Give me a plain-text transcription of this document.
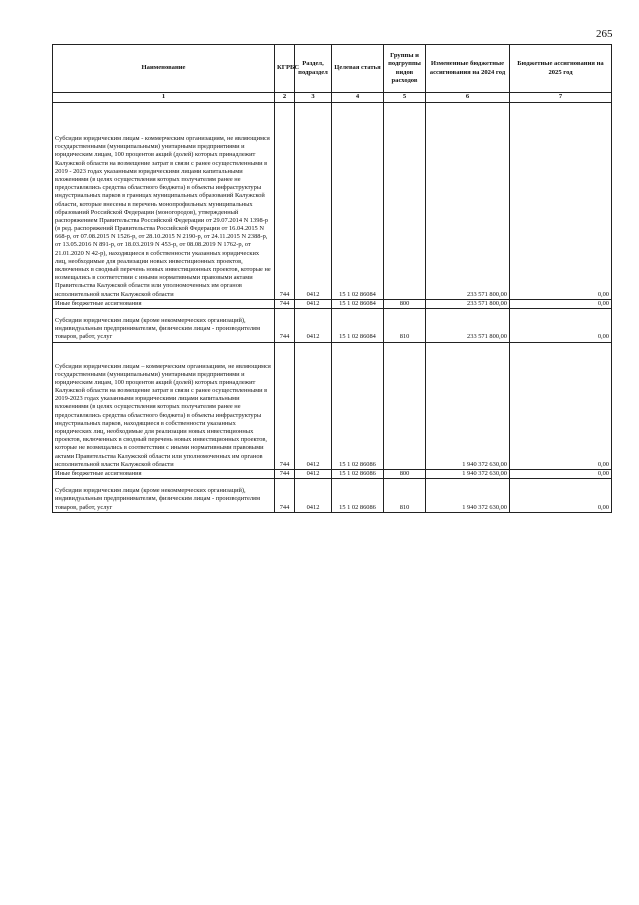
265
Наименование	КГРБС	Раздел, подраздел	Целевая статья	Группы и подгруппы видов расходов	Измененные бюджетные ассигнования на 2024 год	Бюджетные ассигнования на 2025 год
1	2	3	4	5	6	7
Субсидии юридическим лицам - коммерческим организациям, не являющимся государственными (муниципальными) унитарными предприятиями и юридическим лицам, 100 процентов акций (долей) которых принадлежит Калужской области на возмещение затрат в связи с ранее осуществленными в 2019 - 2023 годах указанными юридическими лицами капитальными вложениями (в целях осуществления которых получателям ранее не предоставлялись средства областного бюджета) в объекты инфраструктуры индустриальных парков в границах муниципальных образований Калужской области, которые внесены в перечень монопрофильных муниципальных образований Российской Федерации (моногородов), утвержденный распоряжением Правительства Российской Федерации от 29.07.2014 N 1398-р (в ред. распоряжений Правительства Российской Федерации от 16.04.2015 N 668-р, от 07.08.2015 N 1526-р, от 28.10.2015 N 2190-р, от 24.11.2015 N 2388-р, от 13.05.2016 N 891-р, от 18.03.2019 N 453-р, от 08.08.2019 N 1762-р, от 21.01.2020 N 42-р), находящиеся в собственности указанных юридических лиц, необходимые для реализации новых инвестиционных проектов, включенных в сводный перечень новых инвестиционных проектов, которые не возмещались в соответствии с иными нормативными правовыми актами Правительства Калужской области или уполномоченных им органов исполнительной власти Калужской области	744	0412	15 1 02 86084		233 571 800,00	0,00
Иные бюджетные ассигнования	744	0412	15 1 02 86084	800	233 571 800,00	0,00
Субсидии юридическим лицам (кроме некоммерческих организаций), индивидуальным предпринимателям, физическим лицам - производителям товаров, работ, услуг	744	0412	15 1 02 86084	810	233 571 800,00	0,00
Субсидии юридическим лицам – коммерческим организациям, не являющимся государственными (муниципальными) унитарными предприятиями и юридическим лицам, 100 процентов акций (долей) которых принадлежит Калужской области на возмещение затрат в связи с ранее осуществленными в 2019-2023 годах указанными юридическими лицами капитальными вложениями (в целях осуществления которых получателям ранее не предоставлялись средства областного бюджета) в объекты инфраструктуры индустриальных парков, находящиеся в собственности указанных юридических лиц, необходимые для реализации новых инвестиционных проектов, включенных в сводный перечень новых инвестиционных проектов, которые не возмещались в соответствии с иными нормативными правовыми актами Правительства Калужской области или уполномоченных им органов исполнительной власти Калужской области	744	0412	15 1 02 86086		1 940 372 630,00	0,00
Иные бюджетные ассигнования	744	0412	15 1 02 86086	800	1 940 372 630,00	0,00
Субсидии юридическим лицам (кроме некоммерческих организаций), индивидуальным предпринимателям, физическим лицам - производителям товаров, работ, услуг	744	0412	15 1 02 86086	810	1 940 372 630,00	0,00
